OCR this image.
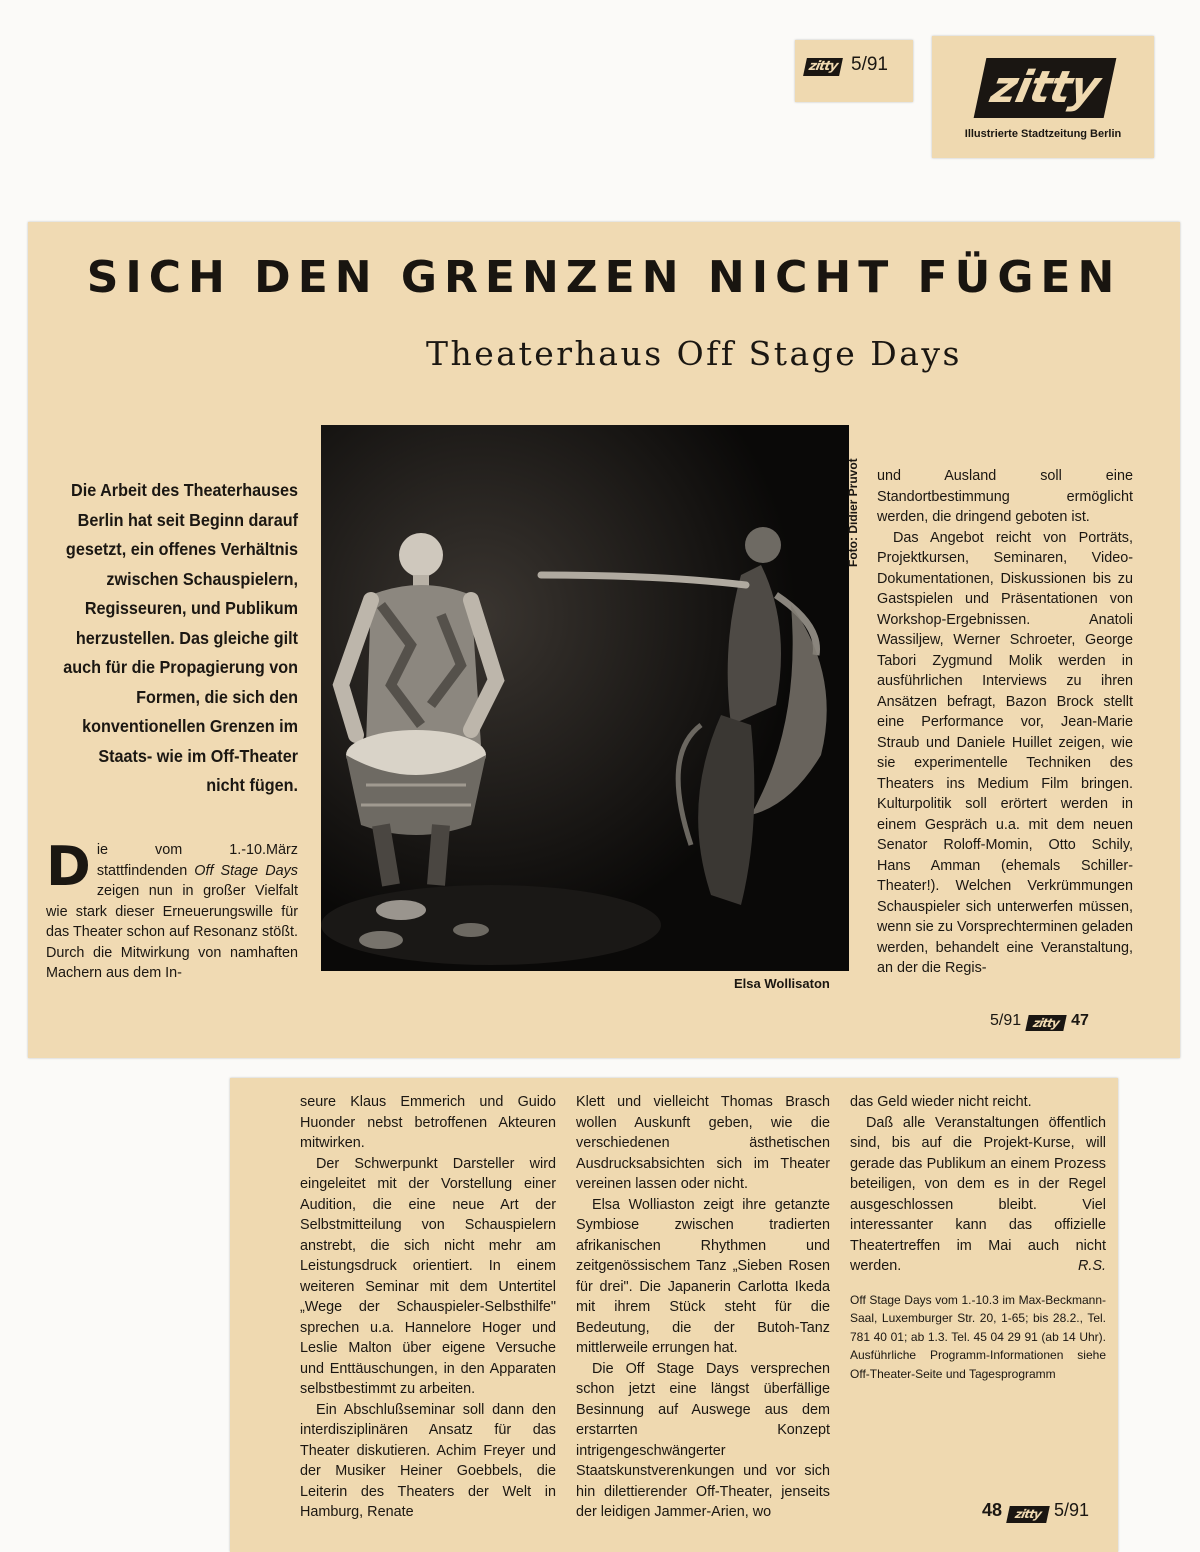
zitty 5/91 zitty
Illustrierte Stadtzeitung Berlin
SICH DEN GRENZEN NICHT FÜGEN
Theaterhaus Off Stage Days
Die Arbeit des Theaterhauses Berlin hat seit Beginn darauf gesetzt, ein offenes Verhältnis zwischen Schauspielern, Regisseuren, und Publikum herzustellen. Das gleiche gilt auch für die Propagierung von Formen, die sich den konventionellen Grenzen im Staats- wie im Off-Theater nicht fügen.
D ie vom 1.-10.März stattfindenden Off Stage Days zeigen nun in großer Vielfalt wie stark dieser Erneuerungswille für das Theater schon auf Resonanz stößt. Durch die Mitwirkung von namhaften Machern aus dem In-
Foto: Didier Pruvot
Elsa Wollisaton
und Ausland soll eine Standortbestimmung ermöglicht werden, die dringend geboten ist.
Das Angebot reicht von Porträts, Projektkursen, Seminaren, Video-Dokumentationen, Diskussionen bis zu Gastspielen und Präsentationen von Workshop-Ergebnissen. Anatoli Wassiljew, Werner Schroeter, George Tabori Zygmund Molik werden in ausführlichen Interviews zu ihren Ansätzen befragt, Bazon Brock stellt eine Performance vor, Jean-Marie Straub und Daniele Huillet zeigen, wie sie experimentelle Techniken des Theaters ins Medium Film bringen. Kulturpolitik soll erörtert werden in einem Gespräch u.a. mit dem neuen Senator Roloff-Momin, Otto Schily, Hans Amman (ehemals Schiller-Theater!). Welchen Verkrümmungen Schauspieler sich unterwerfen müssen, wenn sie zu Vorsprechterminen geladen werden, behandelt eine Veranstaltung, an der die Regis-
5/91 zitty 47

seure Klaus Emmerich und Guido Huonder nebst betroffenen Akteuren mitwirken.

Der Schwerpunkt Darsteller wird eingeleitet mit der Vorstellung einer Audition, die eine neue Art der Selbstmitteilung von Schauspielern anstrebt, die sich nicht mehr am Leistungsdruck orientiert. In einem weiteren Seminar mit dem Untertitel „Wege der Schauspieler-Selbsthilfe" sprechen u.a. Hannelore Hoger und Leslie Malton über eigene Versuche und Enttäuschungen, in den Apparaten selbstbestimmt zu arbeiten.

Ein Abschlußseminar soll dann den interdisziplinären Ansatz für das Theater diskutieren. Achim Freyer und der Musiker Heiner Goebbels, die Leiterin des Theaters der Welt in Hamburg, Renate

Klett und vielleicht Thomas Brasch wollen Auskunft geben, wie die verschiedenen ästhetischen Ausdrucksabsichten sich im Theater vereinen lassen oder nicht.

Elsa Wolliaston zeigt ihre getanzte Symbiose zwischen tradierten afrikanischen Rhythmen und zeitgenössischem Tanz „Sieben Rosen für drei". Die Japanerin Carlotta Ikeda mit ihrem Stück steht für die Bedeutung, die der Butoh-Tanz mittlerweile errungen hat.

Die Off Stage Days versprechen schon jetzt eine längst überfällige Besinnung auf Auswege aus dem erstarrten Konzept intrigengeschwängerter Staatskunstverenkungen und vor sich hin dilettierender Off-Theater, jenseits der leidigen Jammer-Arien, wo

das Geld wieder nicht reicht.

Daß alle Veranstaltungen öffentlich sind, bis auf die Projekt-Kurse, will gerade das Publikum an einem Prozess beteiligen, von dem es in der Regel ausgeschlossen bleibt. Viel interessanter kann das offizielle Theatertreffen im Mai auch nicht werden.	R.S.

Off Stage Days vom 1.-10.3 im Max-Beckmann-Saal, Luxemburger Str. 20, 1-65; bis 28.2., Tel. 781 40 01; ab 1.3. Tel. 45 04 29 91 (ab 14 Uhr). Ausführliche Programm-Informationen siehe Off-Theater-Seite und Tagesprogramm

48 zitty 5/91
